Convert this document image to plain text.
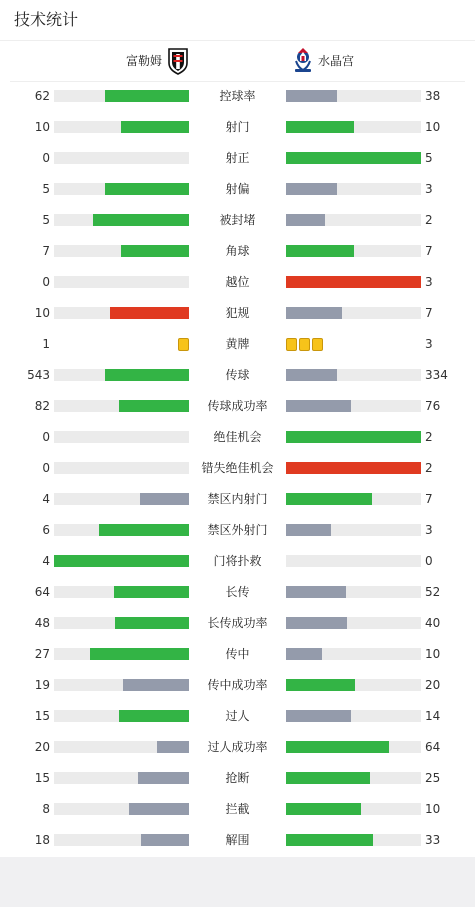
技术统计
富勒姆	水晶宫
62	控球率	38
10	射门	10
0	射正	5
5	射偏	3
5	被封堵	2
7	角球	7
0	越位	3
10	犯规	7
1	黄牌	3
543	传球	334
82	传球成功率	76
0	绝佳机会	2
0	错失绝佳机会	2
4	禁区内射门	7
6	禁区外射门	3
4	门将扑救	0
64	长传	52
48	长传成功率	40
27	传中	10
19	传中成功率	20
15	过人	14
20	过人成功率	64
15	抢断	25
8	拦截	10
18	解围	33
